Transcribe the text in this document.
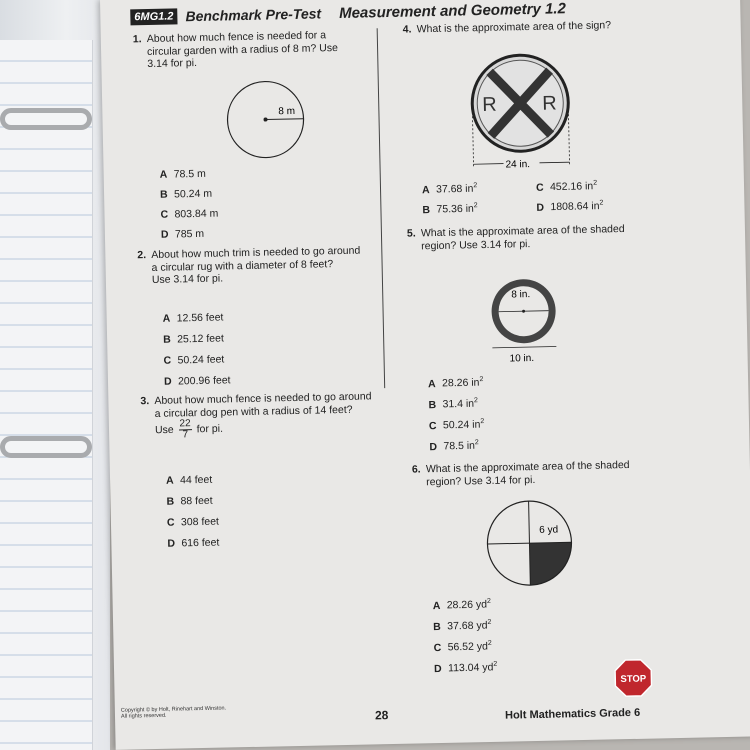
6MG1.2 Benchmark Pre-Test Measurement and Geometry 1.2
1. About how much fence is needed for a circular garden with a radius of 8 m? Use 3.14 for pi.
8 m
A 78.5 m
B 50.24 m
C 803.84 m
D 785 m
2. About how much trim is needed to go around a circular rug with a diameter of 8 feet?
Use 3.14 for pi.
A 12.56 feet
B 25.12 feet
C 50.24 feet
D 200.96 feet
3. About how much fence is needed to go around a circular dog pen with a radius of 14 feet?
Use $\frac{22}{7}$ for pi.
A 44 feet
B 88 feet
C 308 feet
D 616 feet
4. What is the approximate area of the sign?
R R
24 in.
A 37.68 $in^2$
B 75.36 $in^2$
C 452.16 $in^2$
D 1808.64 $in^2$
5. What is the approximate area of the shaded region? Use 3.14 for pi.
8 in.
10 in.
A 28.26 $in^2$
B 31.4 $in^2$
C 50.24 $in^2$
D 78.5 $in^2$
6. What is the approximate area of the shaded region? Use 3.14 for pi.
6 yd
A 28.26 $yd^2$
B 37.68 $yd^2$
C 56.52 $yd^2$
D 113.04 $yd^2$
STOP
Copyright © by Holt, Rinehart and Winston.
All rights reserved.	28	Holt Mathematics Grade 6
